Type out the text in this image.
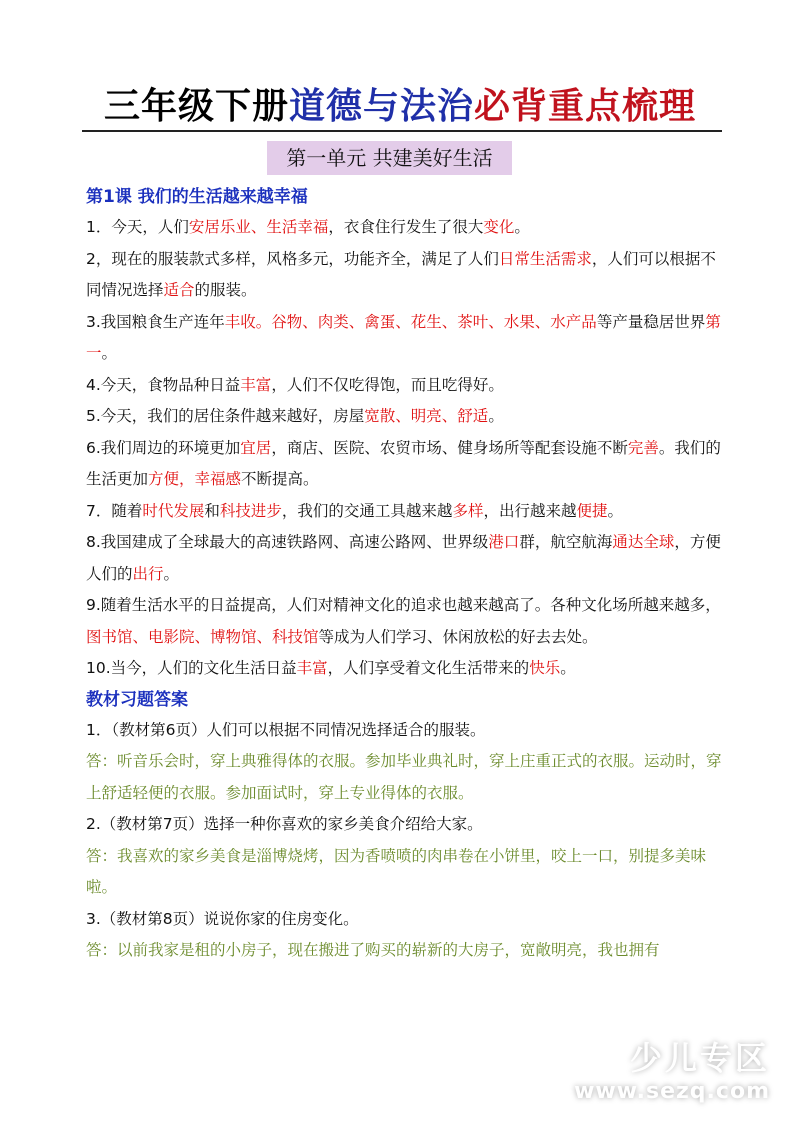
三年级下册道德与法治必背重点梳理
第一单元 共建美好生活

第1课 我们的生活越来越幸福

1．今天，人们安居乐业、生活幸福，衣食住行发生了很大变化。

2，现在的服装款式多样，风格多元，功能齐全，满足了人们日常生活需求，人们可以根据不同情况选择适合的服装。

3.我国粮食生产连年丰收。谷物、肉类、禽蛋、花生、茶叶、水果、水产品等产量稳居世界第一。

4.今天，食物品种日益丰富，人们不仅吃得饱，而且吃得好。

5.今天，我们的居住条件越来越好，房屋宽散、明亮、舒适。

6.我们周边的环境更加宜居，商店、医院、农贸市场、健身场所等配套设施不断完善。我们的生活更加方便，幸福感不断提高。

7．随着时代发展和科技进步，我们的交通工具越来越多样，出行越来越便捷。

8.我国建成了全球最大的高速铁路网、高速公路网、世界级港口群，航空航海通达全球，方便人们的出行。

9.随着生活水平的日益提高，人们对精神文化的追求也越来越高了。各种文化场所越来越多，图书馆、电影院、博物馆、科技馆等成为人们学习、休闲放松的好去去处。

10.当今，人们的文化生活日益丰富，人们享受着文化生活带来的快乐。

教材习题答案

1．（教材第6页）人们可以根据不同情况选择适合的服装。

答：听音乐会时，穿上典雅得体的衣服。参加毕业典礼时，穿上庄重正式的衣服。运动时，穿上舒适轻便的衣服。参加面试时，穿上专业得体的衣服。

2.（教材第7页）选择一种你喜欢的家乡美食介绍给大家。

答：我喜欢的家乡美食是淄博烧烤，因为香喷喷的肉串卷在小饼里，咬上一口，别提多美味啦。

3.（教材第8页）说说你家的住房变化。

答：以前我家是租的小房子，现在搬进了购买的崭新的大房子，宽敞明亮，我也拥有

少儿专区
www.sezq.com
